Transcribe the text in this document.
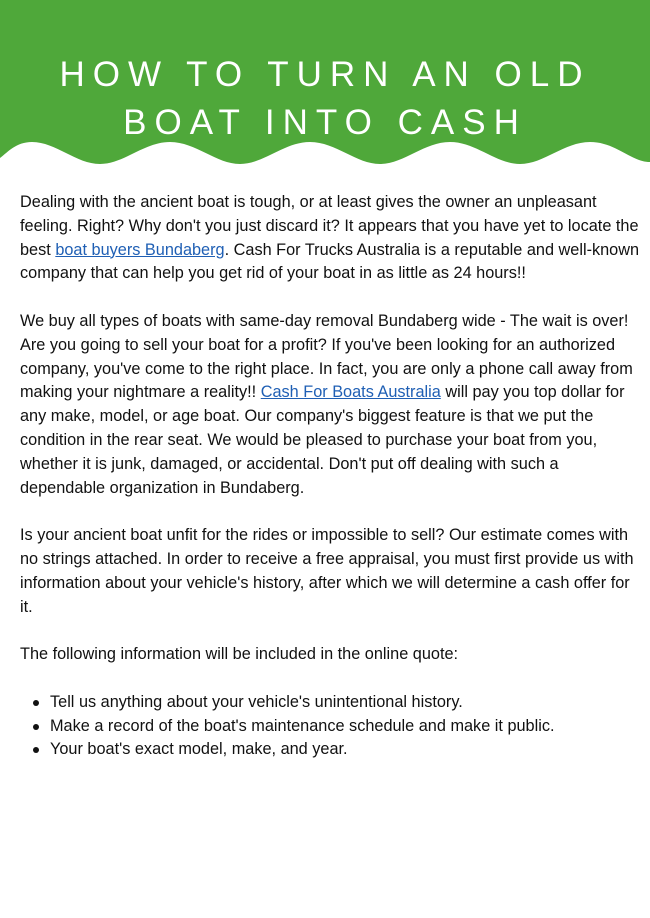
HOW TO TURN AN OLD
BOAT INTO CASH

Dealing with the ancient boat is tough, or at least gives the owner an unpleasant feeling. Right? Why don't you just discard it? It appears that you have yet to locate the best boat buyers Bundaberg. Cash For Trucks Australia is a reputable and well-known company that can help you get rid of your boat in as little as 24 hours!!

We buy all types of boats with same-day removal Bundaberg wide - The wait is over! Are you going to sell your boat for a profit? If you've been looking for an authorized company, you've come to the right place. In fact, you are only a phone call away from making your nightmare a reality!! Cash For Boats Australia will pay you top dollar for any make, model, or age boat. Our company's biggest feature is that we put the condition in the rear seat. We would be pleased to purchase your boat from you, whether it is junk, damaged, or accidental. Don't put off dealing with such a dependable organization in Bundaberg.

Is your ancient boat unfit for the rides or impossible to sell? Our estimate comes with no strings attached. In order to receive a free appraisal, you must first provide us with information about your vehicle's history, after which we will determine a cash offer for it.

The following information will be included in the online quote:

Tell us anything about your vehicle's unintentional history.
Make a record of the boat's maintenance schedule and make it public.
Your boat's exact model, make, and year.
